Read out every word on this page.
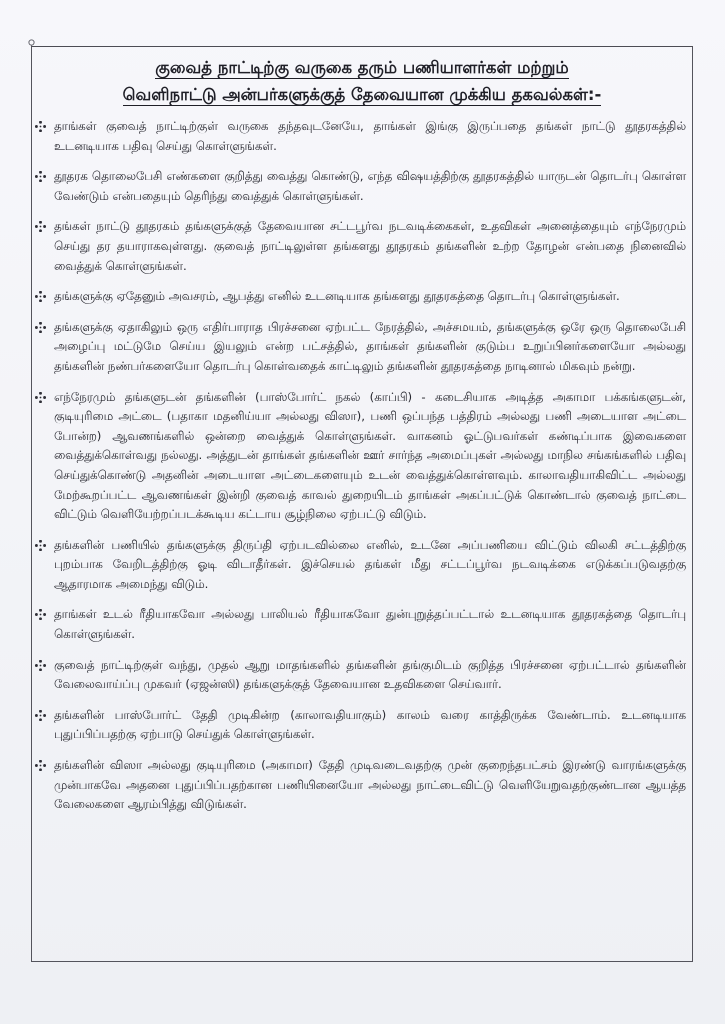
குவைத் நாட்டிற்கு வருகை தரும் பணியாளர்கள் மற்றும்
வெளிநாட்டு அன்பர்களுக்குத் தேவையான முக்கிய தகவல்கள்:-
தாங்கள் குவைத் நாட்டிற்குள் வருகை தந்தவுடனேயே, தாங்கள் இங்கு இருப்பதை தங்கள் நாட்டு தூதரகத்தில் உடனடியாக பதிவு செய்து கொள்ளுங்கள்.
தூதரக தொலைபேசி எண்களை குறித்து வைத்து கொண்டு, எந்த விஷயத்திற்கு தூதரகத்தில் யாருடன் தொடர்பு கொள்ள வேண்டும் என்பதையும் தெரிந்து வைத்துக் கொள்ளுங்கள்.
தங்கள் நாட்டு தூதரகம் தங்களுக்குத் தேவையான சட்டபூர்வ நடவடிக்கைகள், உதவிகள் அனைத்தையும் எந்நேரமும் செய்து தர தயாராகவுள்ளது. குவைத் நாட்டிலுள்ள தங்களது தூதரகம் தங்களின் உற்ற தோழன் என்பதை நினைவில் வைத்துக் கொள்ளுங்கள்.
தங்களுக்கு ஏதேனும் அவசரம், ஆபத்து எனில் உடனடியாக தங்களது தூதரகத்தை தொடர்பு கொள்ளுங்கள்.
தங்களுக்கு ஏதாகிலும் ஒரு எதிர்பாராத பிரச்சனை ஏற்பட்ட நேரத்தில், அச்சமயம், தங்களுக்கு ஒரே ஒரு தொலைபேசி அழைப்பு மட்டுமே செய்ய இயலும் என்ற பட்சத்தில், தாங்கள் தங்களின் குடும்ப உறுப்பினர்களையோ அல்லது தங்களின் நண்பர்களையோ தொடர்பு கொள்வதைக் காட்டிலும் தங்களின் தூதரகத்தை நாடினால் மிகவும் நன்று.
எந்நேரமும் தங்களுடன் தங்களின் (பாஸ்போர்ட் நகல் (காப்பி) - கடைசியாக அடித்த அகாமா பக்கங்களுடன், குடியுரிமை அட்டை (பதாகா மதனிய்யா அல்லது விஸா), பணி ஒப்பந்த பத்திரம் அல்லது பணி அடையாள அட்டை போன்ற) ஆவணங்களில் ஒன்றை வைத்துக் கொள்ளுங்கள். வாகனம் ஓட்டுபவர்கள் கண்டிப்பாக இவைகளை வைத்துக்கொள்வது நல்லது. அத்துடன் தாங்கள் தங்களின் ஊர் சார்ந்த அமைப்புகள் அல்லது மாநில சங்கங்களில் பதிவு செய்துக்கொண்டு அதனின் அடையாள அட்டைகளையும் உடன் வைத்துக்கொள்ளவும். காலாவதியாகிவிட்ட அல்லது மேற்கூறப்பட்ட ஆவணங்கள் இன்றி குவைத் காவல் துறையிடம் தாங்கள் அகப்பட்டுக் கொண்டால் குவைத் நாட்டை விட்டும் வெளியேற்றப்படக்கூடிய கட்டாய சூழ்நிலை ஏற்பட்டு விடும்.
தங்களின் பணியில் தங்களுக்கு திருப்தி ஏற்படவில்லை எனில், உடனே அப்பணியை விட்டும் விலகி சட்டத்திற்கு புறம்பாக வேறிடத்திற்கு ஓடி விடாதீர்கள். இச்செயல் தங்கள் மீது சட்டப்பூர்வ நடவடிக்கை எடுக்கப்படுவதற்கு ஆதாரமாக அமைந்து விடும்.
தாங்கள் உடல் ரீதியாகவோ அல்லது பாலியல் ரீதியாகவோ துன்புறுத்தப்பட்டால் உடனடியாக தூதரகத்தை தொடர்பு கொள்ளுங்கள்.
குவைத் நாட்டிற்குள் வந்து, முதல் ஆறு மாதங்களில் தங்களின் தங்குமிடம் குறித்த பிரச்சனை ஏற்பட்டால் தங்களின் வேலைவாய்ப்பு முகவர் (ஏஜன்ஸி) தங்களுக்குத் தேவையான உதவிகளை செய்வார்.
தங்களின் பாஸ்போர்ட் தேதி முடிகின்ற (காலாவதியாகும்) காலம் வரை காத்திருக்க வேண்டாம். உடனடியாக புதுப்பிப்பதற்கு ஏற்பாடு செய்துக் கொள்ளுங்கள்.
தங்களின் விஸா அல்லது குடியுரிமை (அகாமா) தேதி முடிவடைவதற்கு முன் குறைந்தபட்சம் இரண்டு வாரங்களுக்கு முன்பாகவே அதனை புதுப்பிப்பதற்கான பணியினையோ அல்லது நாட்டைவிட்டு வெளியேறுவதற்குண்டான ஆயத்த வேலைகளை ஆரம்பித்து விடுங்கள்.
